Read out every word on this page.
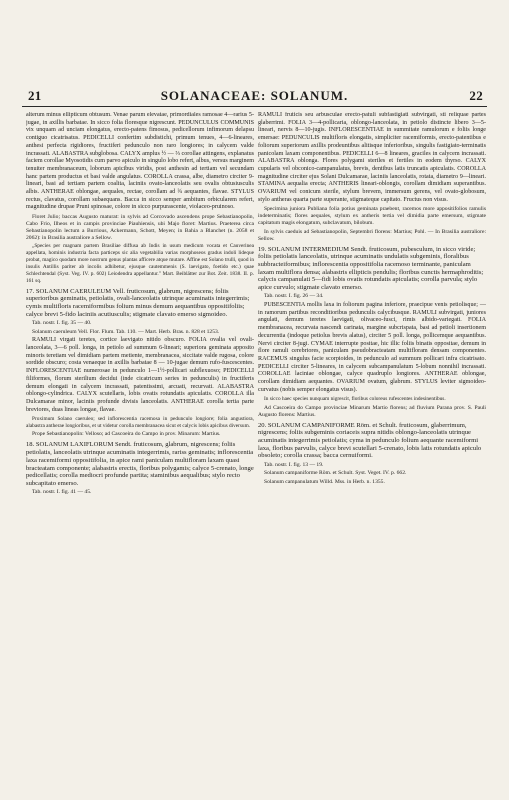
21	SOLANACEAE: SOLANUM.	22

alterum minus ellipticum obtusum. Venae parum elevatae, primordiales ramosae 4—rarius 5-jugae, in axillis barbatae. In sicco folia floresque nigrescunt. PEDUNCULUS COMMUNIS vix unquam ad unciam elongatus, erecto-patens fimosus, pedicellorum infimorum delapsu contiguo cicatrisatus. PEDICELLI confertim subdistichi, primum tenues, 4—6-lineares, anthesi perfecta rigidiores, fructiferi pedunculo non raro longiores; in calycem valde incrassati. ALABASTRA subglobosa. CALYX amplus ½ — ⅔ corollae attingens, explanatus faciem corollae Myosotidis cum parvo apiculo in singulo lobo refert, albus, versus marginem tenuiter membranaceum, loborum apicibus viridis, post anthesin ad tertiam vel secundam hanc partem productus et basi valde angulatus. COROLLA crassa, albe, diametro circiter 9-lineari, basi ad tertiam partem coalita, laciniis ovato-lanceolatis seu ovalis obtusiusculis albis. ANTHERAE oblongae, aequales, rectae, corollam ad ¾ aequantes, flavae. STYLUS rectus, clavatus, corollam subaequans. Bacca in sicco semper ambitum orbicularem refert, magnitudine drupae Pruni spinosae, colore in sicco purpurascente, violaceo-pruinoso.

Floret Julio; baccas Augusto maturat: in sylvis ad Corcovado ascendens prope Sebastianopolin, Cabo Frio, Ilheos et in campis provinciae Piauhiensis, ubi Majo floret: Martius. Praeterea circa Sebastianopolin lectum a Burrious, Ackermann, Schott, Meyen; in Bahia a Blanchet (n. 2058 et 2062): in Brasilia australiore a Sellow.

„Species per magnam partem Brasiliae diffusa ab Indis in usum medicum vocata et Cauverinea appellata, hominis industria facta particeps sic alia vegetabilia varias morphoseos gradus indoli lideque probat, magico quodam more nostrum genus plantas afficere atque mutare. Affine est Solano trulli, quod in insulis Antillis pariter ab incolis adhibetur, ejusque cautemmenis (S. laevigato, foetido etc.) quae Schlechtendal (Syst. Veg. IV. p. 602) Leiodendra appellantur." Mart. Beiblätter zur Bot. Zeit. 1838. II. p. 161 sq.

17. SOLANUM CAERULEUM Vell. fruticosum, glabrum, nigrescens; foliis superioribus geminatis, petiolatis, ovali-lanceolatis utrinque acuminatis integerrimis; cymis multifloris racemiformibus folium minus demum aequantibus oppositifoliis; calyce brevi 5-fido laciniis acutiusculis; stigmate clavato emerso sigmoideo.

Tab. nostr. I. fig. 35 — 40.

Solanum caeruleum Vell. Flor. Flum. Tab. 110. — Mart. Herb. Bras. n. 828 et 1253.

RAMULI virgati teretes, cortice laevigato nitido obscuro. FOLIA ovalia vel ovali-lanceolata, 3—6 poll. longa, in petiolo ad summum 6-lineari; superiora geminata apposito minoris teretiam vel dimidiam partem metiente, membranacea, siccitate valde rugosa, colore sordide obscuro; costa venaeque in axillis barbatae 8 — 10-jugae demum rufo-fuscescentes. INFLORESCENTIAE numerosae in pedunculo 1—1½-pollicari subflexuoso; PEDICELLI filiformes, florum sterilium decidui (inde cicatricum series in pedunculis) in fructiferis demum elongati in calycem incrassati, patentissimi, arcuati, recurvati. ALABASTRA oblongo-cylindrica. CALYX scutellaris, lobis ovatis rotundatis apiculatis. COROLLA illa Dulcamarae minor, laciniis profunde divisis lanceolatis. ANTHERAE corolla tertia parte breviores, duas lineas longae, flavae.

Proximum Solano caeruleo; sed inflorescentia racemosa in pedunculo longiore; folia angustiora, alabastra antherae longioribus, et ut videtur corolla membranacea sicut et calycis lobis apicibus diversum.

Prope Sebastianopolin: Velloso; ad Cascoeira do Campo in prov. Minarum: Martius.

18. SOLANUM LAXIFLORUM Sendt. fruticosum, glabrum, nigrescens; foliis petiolatis, lanceolatis utrinque acuminatis integerrimis, rariss geminatis; inflorescentia laxa racemiformi oppositifolia, in apice rami paniculam multifloram laxam quasi bracteatam componente; alabastris erectis, floribus polygamis; calyce 5-crenato, longe pedicellatis; corolla mediocri profunde partita; staminibus aequalibus; stylo recto subcapitato emerso.

Tab. nostr. I. fig. 41 — 45.

RAMULI fruticis seu arbusculae erecto-patuli subfastigiati subvirgati, sti reliquae partes glaberrimi. FOLIA 3—4-pollicaria, oblongo-lanceolata, in petiolo distincte libero 3—5-lineari, nervis 8—10-jugis. INFLORESCENTIAE in summitate ramulorum e foliis longe emersae: PEDUNCULIS multifloris elongatis, simpliciter racemiformis, erecto-patentibus e foliorum superiorum axillis prodeuntibus alitisque inferioribus, singulis fastigiato-terminatis panicolam laxam componentibus. PEDICELLI 6—8 lineares, graciles in calycem incrassati. ALABASTRA oblonga. Flores polygami steriles et fertiles in eodem thyrso. CALYX cupularis vel obconico-campanulatus, brevis, dentibus latis truncatis apiculatis. COROLLA magnitudine circiter ejus Solani Dulcamarae, laciniis lanceolatis, rotata, diametro 9—lineari. STAMINA aequalia erecta; ANTHERIS lineari-oblongis, corollam dimidiam superantibus. OVARIUM vel conicum sterile, stylum brevem, immersum gerens, vel ovato-globosum, stylo antheras quarta parte superante, stigmateque capitato. Fructus non visus.

Specimina juniora Publiana folia potius geminata praebent, racemos more appositifolios ramulis indeterminatis; flores aequales, stylum ex antheris tertia vel dimidia parte emersum, stigmate capitatum magis elongatum, subclavatum, bilobum.

In sylvis caeduis ad Sebastianopolin, Septembri florens: Martius; Pohl. — In Brasilia australiore: Sellow.

19. SOLANUM INTERMEDIUM Sendt. fruticosum, pubesculum, in sicco viride; foliis petiolatis lanceolatis, utrinque acuminatis undulatis subgeminis, floralibus subbracteiformibus; inflorescentia oppositifolia racemoso terminante, paniculam laxam multiflora densa; alabastris ellipticis pendulis; floribus cunctis hermaphroditis; calycis campanulati 5—fidi lobis ovatis rotundatis apiculatis; corolla parvula; stylo apice curvulo; stigmate clavato emerso.

Tab. nostr. I. fig. 26 — 34.

PUBESCENTIA mollis laxa in foliorum pagina inferiore, praecipue venis petiolisque; — in ramorum partibus reconditioribus pedunculis calycibusque. RAMULI subvirgati, juniores angulati, demum teretes laevigati, olivaceo-fusci, rimis albido-variegati. FOLIA membranacea, recurvata nascendi carinata, margine subcrispata, basi ad petioli insertionem decurrentia (indoque petiolus brevis alatus), circiter 5 poll. longa, pollicemque aequantibus. Nervi circiter 8-jugi. CYMAE interrupte positae, hic illic foliis binatis oppositae, demum in flore ramuli cerebriores, paniculam pseudobracteatam multifloram densam componentes. RACEMUS singulus facie scorpioides, in pedunculo ad summum pollicari infra cicatrisato. PEDICELLI circiter 5-lineares, in calycem subcampanulatum 5-lobum nonnihil incrassati. COROLLAE laciniae oblongae, calyce quadruplo longiores. ANTHERAE oblongae, corollam dimidiam aequantes. OVARIUM ovatum, glabrum. STYLUS leviter sigmoideo-curvatus (nobis semper elongatus visus).

In sicco haec species nunquam nigrescit, floribus coloreus rufescentes indesinentibus.

Ad Cascoeira do Campo provinciae Minarum Martio florens; ad fluvium Parana prov. S. Pauli Augusto florens: Martius.

20. SOLANUM CAMPANIFORME Röm. et Schult. fruticosum, glaberrimum, nigrescens; foliis subgeminis coriaceis supra nitidis oblongo-lanceolatis utrinque acuminatis integerrimis petiolatis; cyma in pedunculo folium aequante racemiformi laxa, floribus parvulis, calyce brevi scutellari 5-crenato, lobis latis rotundatis apiculo obsoleto; corolla crassa; bacca cernuiformi.

Tab. nostr. I. fig. 13 — 19.

Solanum campaniforme Röm. et Schult. Syst. Veget. IV. p. 662.

Solanum campanulatum Willd. Mss. in Herb. n. 1355.
